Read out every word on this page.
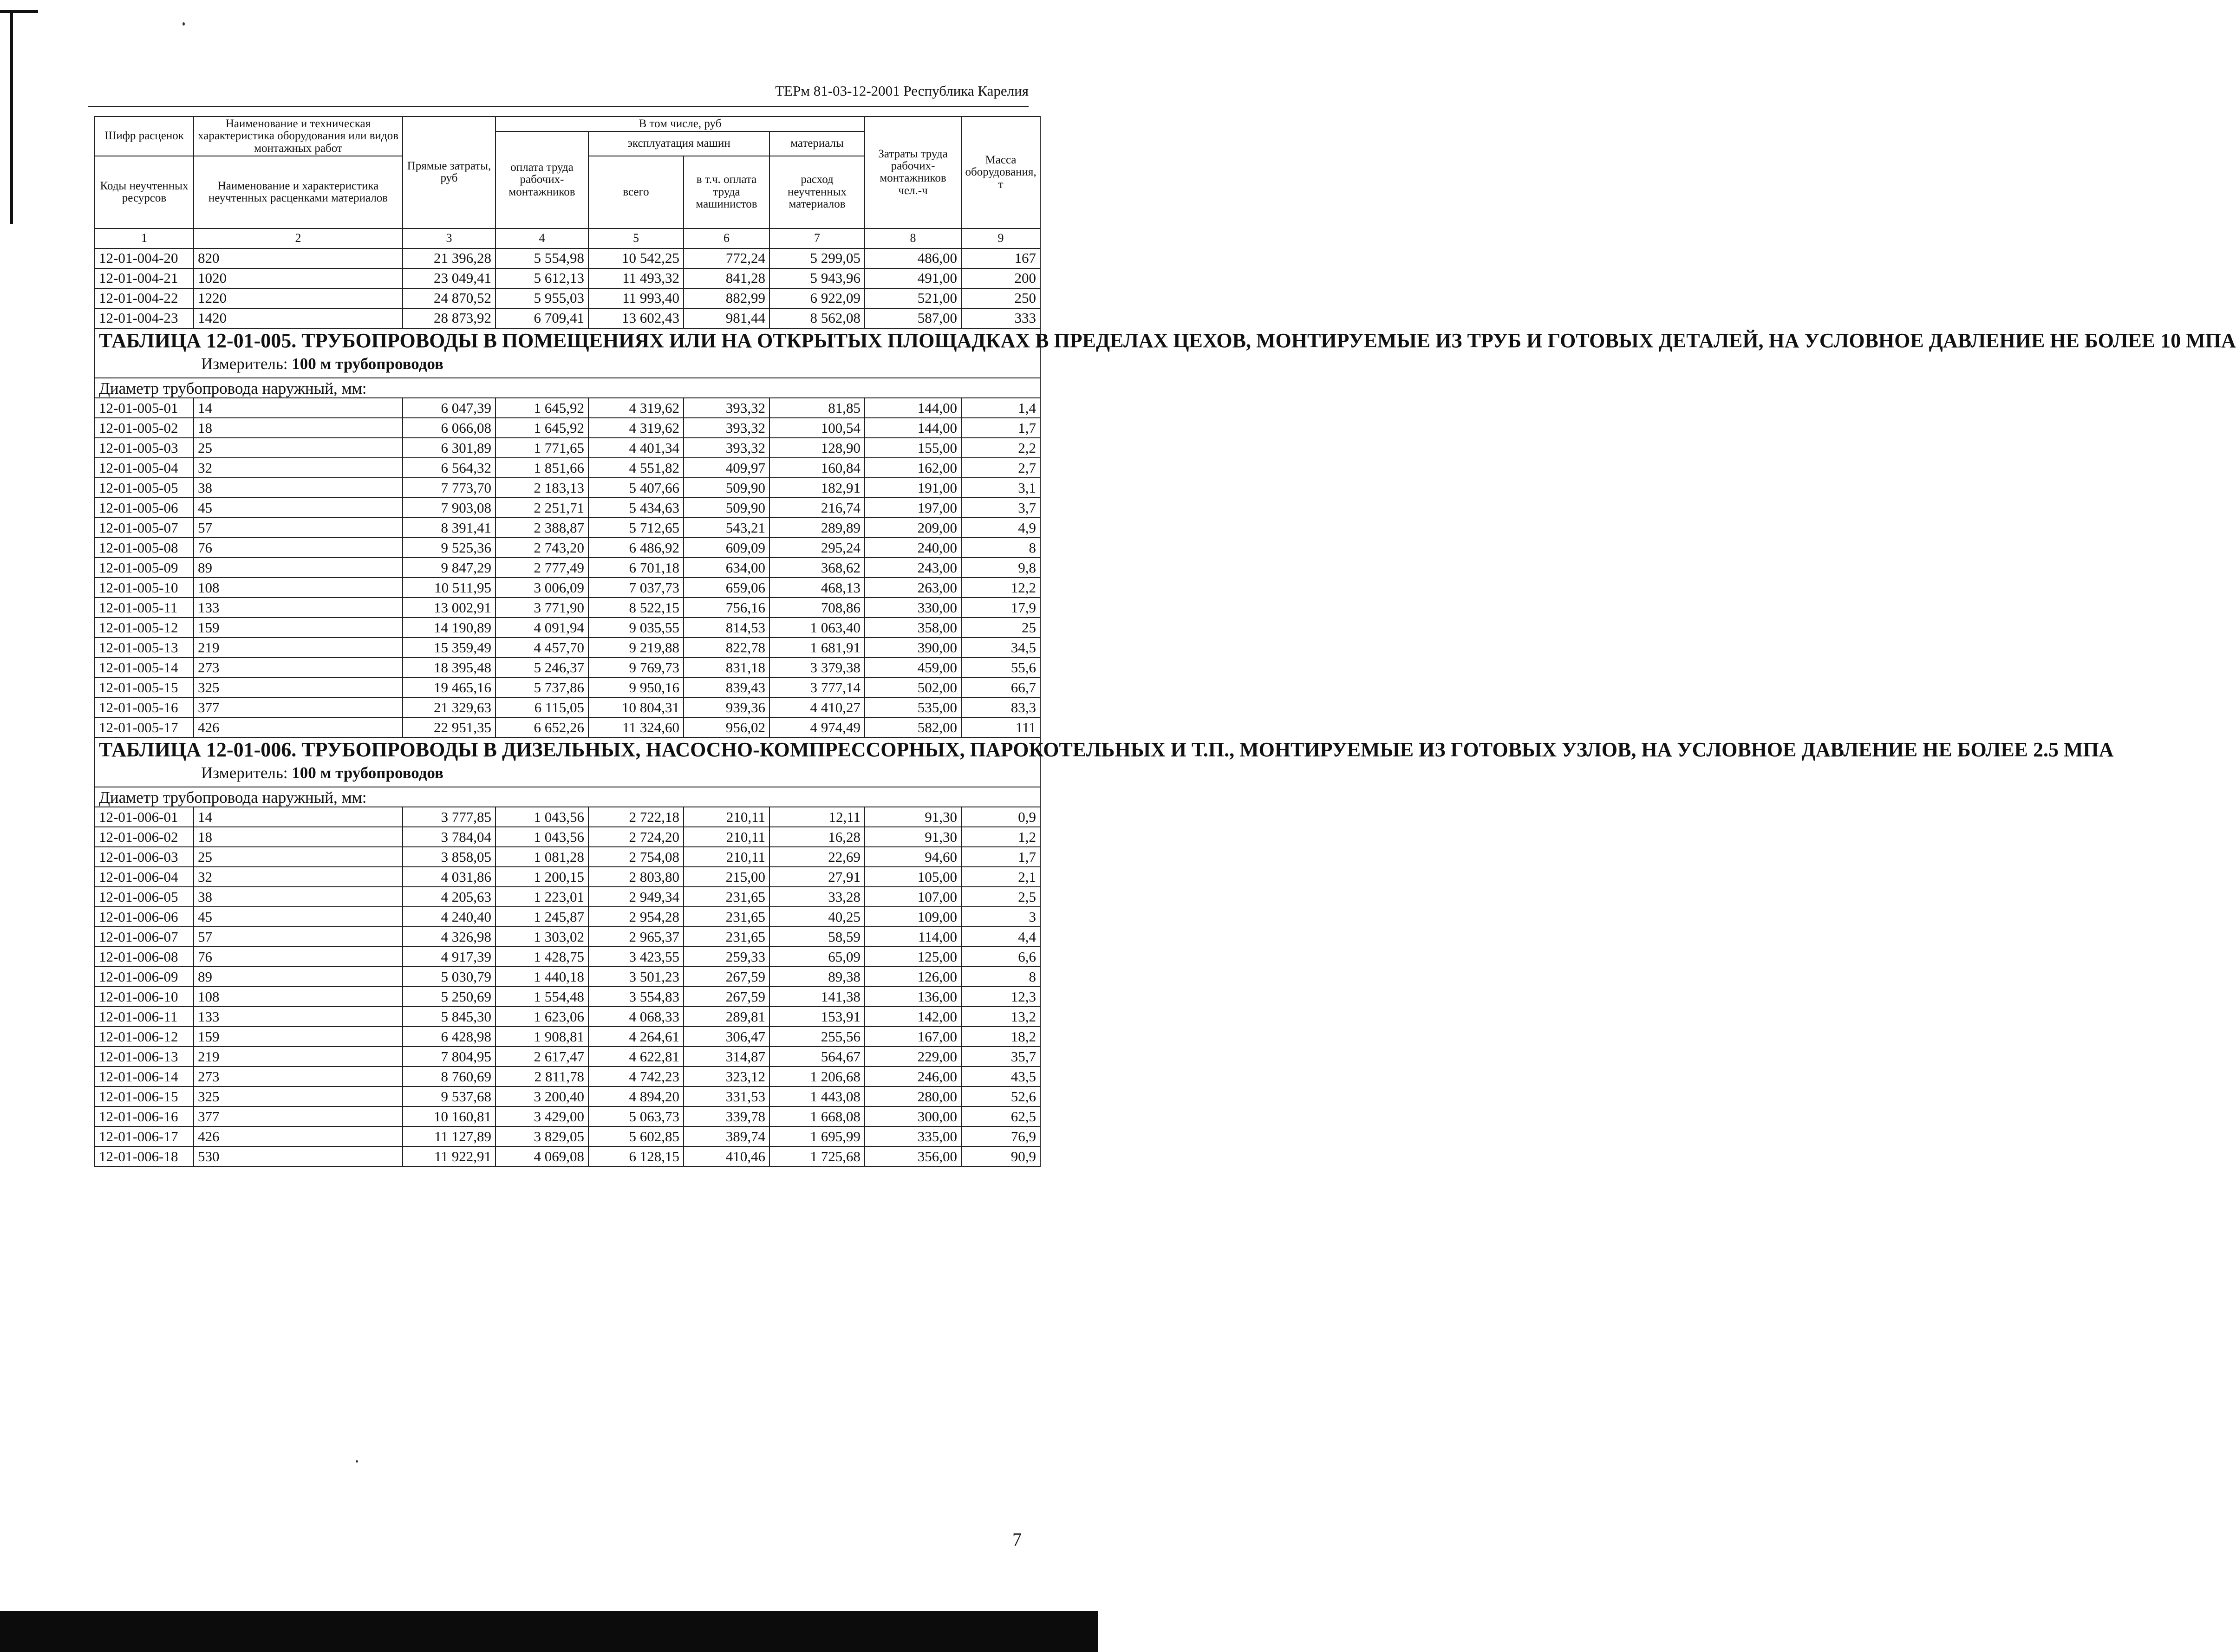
ТЕРм 81-03-12-2001 Республика Карелия
Шифр расценок	Наименование и техническая характеристика оборудования или видов монтажных работ	Прямые затраты, руб	В том числе, руб				Затраты труда рабочих-монтажников чел.-ч	Масса оборудования, т
			оплата труда рабочих-монтажников	эксплуатация машин		материалы		
Коды неучтенных ресурсов	Наименование и характеристика неучтенных расценками материалов			всего	в т.ч. оплата труда машинистов	расход неучтенных материалов		

1	2	3	4	5	6	7	8	9
12-01-004-20	820	21 396,28	5 554,98	10 542,25	772,24	5 299,05	486,00	167
12-01-004-21	1020	23 049,41	5 612,13	11 493,32	841,28	5 943,96	491,00	200
12-01-004-22	1220	24 870,52	5 955,03	11 993,40	882,99	6 922,09	521,00	250
12-01-004-23	1420	28 873,92	6 709,41	13 602,43	981,44	8 562,08	587,00	333

ТАБЛИЦА 12-01-005. ТРУБОПРОВОДЫ В ПОМЕЩЕНИЯХ ИЛИ НА ОТКРЫТЫХ ПЛОЩАДКАХ В ПРЕДЕЛАХ ЦЕХОВ, МОНТИРУЕМЫЕ ИЗ ТРУБ И ГОТОВЫХ ДЕТАЛЕЙ, НА УСЛОВНОЕ ДАВЛЕНИЕ НЕ БОЛЕЕ 10 МПА
Измеритель: 100 м трубопроводов								

Диаметр трубопровода наружный, мм:								
12-01-005-01	14	6 047,39	1 645,92	4 319,62	393,32	81,85	144,00	1,4
12-01-005-02	18	6 066,08	1 645,92	4 319,62	393,32	100,54	144,00	1,7
12-01-005-03	25	6 301,89	1 771,65	4 401,34	393,32	128,90	155,00	2,2
12-01-005-04	32	6 564,32	1 851,66	4 551,82	409,97	160,84	162,00	2,7
12-01-005-05	38	7 773,70	2 183,13	5 407,66	509,90	182,91	191,00	3,1
12-01-005-06	45	7 903,08	2 251,71	5 434,63	509,90	216,74	197,00	3,7
12-01-005-07	57	8 391,41	2 388,87	5 712,65	543,21	289,89	209,00	4,9
12-01-005-08	76	9 525,36	2 743,20	6 486,92	609,09	295,24	240,00	8
12-01-005-09	89	9 847,29	2 777,49	6 701,18	634,00	368,62	243,00	9,8
12-01-005-10	108	10 511,95	3 006,09	7 037,73	659,06	468,13	263,00	12,2
12-01-005-11	133	13 002,91	3 771,90	8 522,15	756,16	708,86	330,00	17,9
12-01-005-12	159	14 190,89	4 091,94	9 035,55	814,53	1 063,40	358,00	25
12-01-005-13	219	15 359,49	4 457,70	9 219,88	822,78	1 681,91	390,00	34,5
12-01-005-14	273	18 395,48	5 246,37	9 769,73	831,18	3 379,38	459,00	55,6
12-01-005-15	325	19 465,16	5 737,86	9 950,16	839,43	3 777,14	502,00	66,7
12-01-005-16	377	21 329,63	6 115,05	10 804,31	939,36	4 410,27	535,00	83,3
12-01-005-17	426	22 951,35	6 652,26	11 324,60	956,02	4 974,49	582,00	111

ТАБЛИЦА 12-01-006. ТРУБОПРОВОДЫ В ДИЗЕЛЬНЫХ, НАСОСНО-КОМПРЕССОРНЫХ, ПАРОКОТЕЛЬНЫХ И Т.П., МОНТИРУЕМЫЕ ИЗ ГОТОВЫХ УЗЛОВ, НА УСЛОВНОЕ ДАВЛЕНИЕ НЕ БОЛЕЕ 2.5 МПА
Измеритель: 100 м трубопроводов								

Диаметр трубопровода наружный, мм:								
12-01-006-01	14	3 777,85	1 043,56	2 722,18	210,11	12,11	91,30	0,9
12-01-006-02	18	3 784,04	1 043,56	2 724,20	210,11	16,28	91,30	1,2
12-01-006-03	25	3 858,05	1 081,28	2 754,08	210,11	22,69	94,60	1,7
12-01-006-04	32	4 031,86	1 200,15	2 803,80	215,00	27,91	105,00	2,1
12-01-006-05	38	4 205,63	1 223,01	2 949,34	231,65	33,28	107,00	2,5
12-01-006-06	45	4 240,40	1 245,87	2 954,28	231,65	40,25	109,00	3
12-01-006-07	57	4 326,98	1 303,02	2 965,37	231,65	58,59	114,00	4,4
12-01-006-08	76	4 917,39	1 428,75	3 423,55	259,33	65,09	125,00	6,6
12-01-006-09	89	5 030,79	1 440,18	3 501,23	267,59	89,38	126,00	8
12-01-006-10	108	5 250,69	1 554,48	3 554,83	267,59	141,38	136,00	12,3
12-01-006-11	133	5 845,30	1 623,06	4 068,33	289,81	153,91	142,00	13,2
12-01-006-12	159	6 428,98	1 908,81	4 264,61	306,47	255,56	167,00	18,2
12-01-006-13	219	7 804,95	2 617,47	4 622,81	314,87	564,67	229,00	35,7
12-01-006-14	273	8 760,69	2 811,78	4 742,23	323,12	1 206,68	246,00	43,5
12-01-006-15	325	9 537,68	3 200,40	4 894,20	331,53	1 443,08	280,00	52,6
12-01-006-16	377	10 160,81	3 429,00	5 063,73	339,78	1 668,08	300,00	62,5
12-01-006-17	426	11 127,89	3 829,05	5 602,85	389,74	1 695,99	335,00	76,9
12-01-006-18	530	11 922,91	4 069,08	6 128,15	410,46	1 725,68	356,00	90,9
7
